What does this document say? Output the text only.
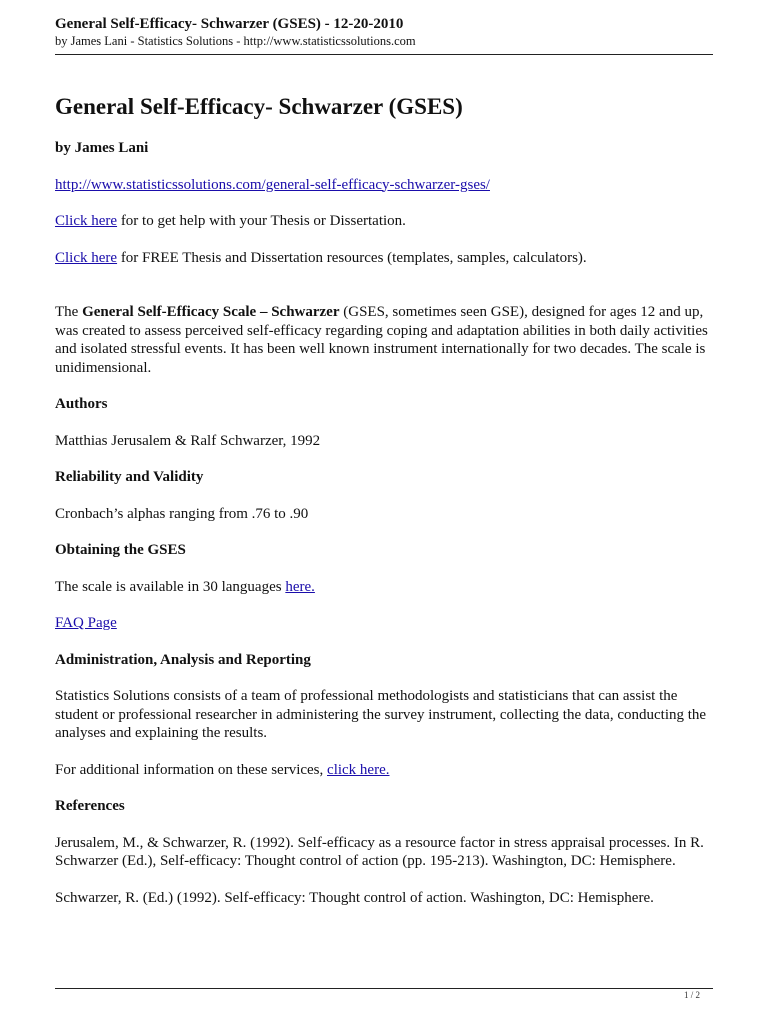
General Self-Efficacy- Schwarzer (GSES) - 12-20-2010
by James Lani - Statistics Solutions - http://www.statisticssolutions.com
General Self-Efficacy- Schwarzer (GSES)

by James Lani

http://www.statisticssolutions.com/general-self-efficacy-schwarzer-gses/

Click here for to get help with your Thesis or Dissertation.

Click here for FREE Thesis and Dissertation resources (templates, samples, calculators).

The General Self-Efficacy Scale – Schwarzer (GSES, sometimes seen GSE), designed for ages 12 and up, was created to assess perceived self-efficacy regarding coping and adaptation abilities in both daily activities and isolated stressful events. It has been well known instrument internationally for two decades. The scale is unidimensional.

Authors

Matthias Jerusalem & Ralf Schwarzer, 1992

Reliability and Validity

Cronbach’s alphas ranging from .76 to .90

Obtaining the GSES

The scale is available in 30 languages here.

FAQ Page

Administration, Analysis and Reporting

Statistics Solutions consists of a team of professional methodologists and statisticians that can assist the student or professional researcher in administering the survey instrument, collecting the data, conducting the analyses and explaining the results.

For additional information on these services, click here.

References

Jerusalem, M., & Schwarzer, R. (1992). Self-efficacy as a resource factor in stress appraisal processes. In R. Schwarzer (Ed.), Self-efficacy: Thought control of action (pp. 195-213). Washington, DC: Hemisphere.

Schwarzer, R. (Ed.) (1992). Self-efficacy: Thought control of action. Washington, DC: Hemisphere.

1 / 2
